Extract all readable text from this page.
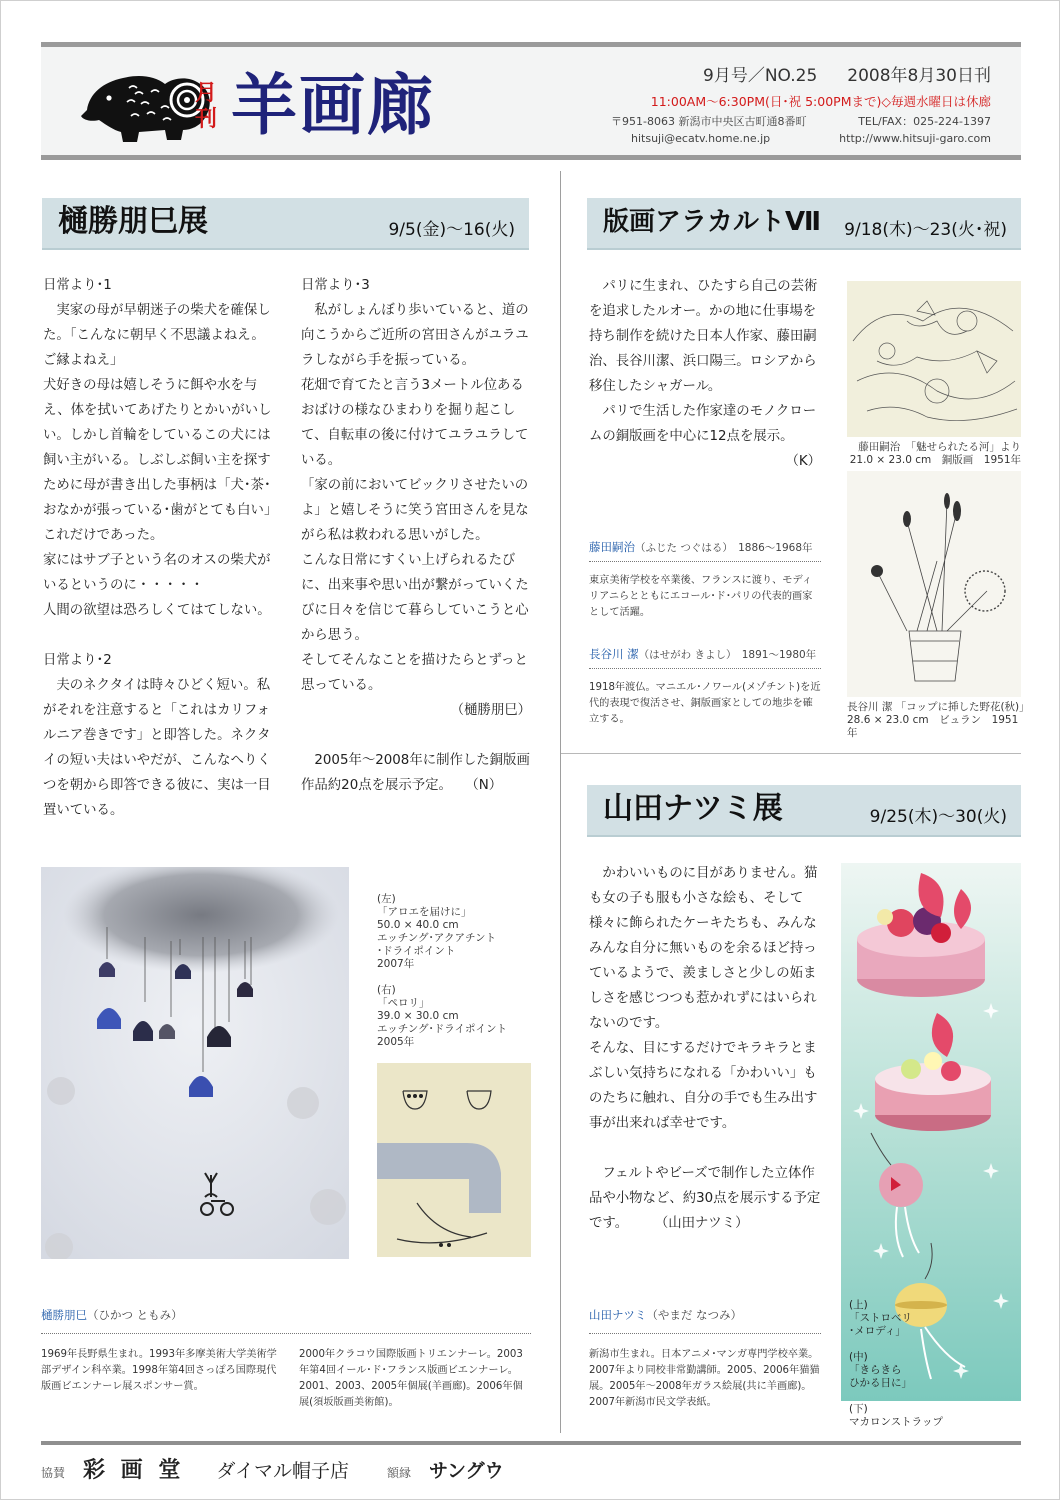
月刊 羊画廊	9月号／NO.25 2008年8月30日刊
11:00AM〜6:30PM(日･祝 5:00PMまで)◇毎週水曜日は休廊
〒951-8063 新潟市中央区古町通8番町	TEL/FAX：025-224-1397
hitsuji@ecatv.home.ne.jp	http://www.hitsuji-garo.com
樋勝朋巳展	9/5(金)〜16(火)
日常より･1
実家の母が早朝迷子の柴犬を確保した。「こんなに朝早く不思議よねえ。ご縁よねえ」
犬好きの母は嬉しそうに餌や水を与え、体を拭いてあげたりとかいがいしい。しかし首輪をしているこの犬には飼い主がいる。しぶしぶ飼い主を探すために母が書き出した事柄は「犬･茶･おなかが張っている･歯がとても白い」これだけであった。
家にはサブ子という名のオスの柴犬がいるというのに・・・・・
人間の欲望は恐ろしくてはてしない。

日常より･2
夫のネクタイは時々ひどく短い。私がそれを注意すると「これはカリフォルニア巻きです」と即答した。ネクタイの短い夫はいやだが、こんなへりくつを朝から即答できる彼に、実は一目置いている。
日常より･3
私がしょんぼり歩いていると、道の向こうからご近所の宮田さんがユラユラしながら手を振っている。
花畑で育てたと言う3メートル位あるおばけの様なひまわりを掘り起こして、自転車の後に付けてユラユラしている。
「家の前においてビックリさせたいのよ」と嬉しそうに笑う宮田さんを見ながら私は救われる思いがした。
こんな日常にすくい上げられるたびに、出来事や思い出が繋がっていくたびに日々を信じて暮らしていこうと心から思う。
そしてそんなことを描けたらとずっと思っている。
（樋勝朋巳）

2005年〜2008年に制作した銅版画作品約20点を展示予定。　　（N）
(左)
「アロエを届けに」
50.0 × 40.0 cm
エッチング･アクアチント
･ドライポイント
2007年

(右)
「ペロリ」
39.0 × 30.0 cm
エッチング･ドライポイント
2005年
樋勝朋巳（ひかつ ともみ）
1969年長野県生まれ。1993年多摩美術大学美術学部デザイン科卒業。1998年第4回さっぽろ国際現代版画ビエンナーレ展スポンサー賞。
2000年クラコウ国際版画トリエンナーレ。2003年第4回イール･ド･フランス版画ビエンナーレ。2001、2003、2005年個展(羊画廊)。2006年個展(須坂版画美術館)。
版画アラカルトⅦ 9/18(木)〜23(火･祝)
パリに生まれ、ひたすら自己の芸術を追求したルオー。かの地に仕事場を持ち制作を続けた日本人作家、藤田嗣治、長谷川潔、浜口陽三。ロシアから移住したシャガール。
パリで生活した作家達のモノクロームの銅版画を中心に12点を展示。
（K）
藤田嗣治　「魅せられたる河」より
21.0 × 23.0 cm　銅版画　1951年
長谷川 潔 「コップに挿した野花(秋)」
28.6 × 23.0 cm　ビュラン　1951年
藤田嗣治（ふじた つぐはる）　1886〜1968年
東京美術学校を卒業後、フランスに渡り、モディリアニらとともにエコール･ド･パリの代表的画家として活躍。
長谷川 潔（はせがわ きよし）　1891〜1980年
1918年渡仏。マニエル･ノワール(メゾチント)を近代的表現で復活させ、銅版画家としての地歩を確立する。
山田ナツミ展	9/25(木)〜30(火)
かわいいものに目がありません。猫も女の子も服も小さな絵も、そして様々に飾られたケーキたちも、みんなみんな自分に無いものを余るほど持っているようで、羨ましさと少しの妬ましさを感じつつも惹かれずにはいられないのです。
そんな、目にするだけでキラキラとまぶしい気持ちになれる「かわいい」ものたちに触れ、自分の手でも生み出す事が出来れば幸せです。

フェルトやビーズで制作した立体作品や小物など、約30点を展示する予定です。　　　（山田ナツミ）
(上)
「ストロベリ
･メロディ」

(中)
「きらきら
ひかる日に」

(下)
マカロンストラップ
山田ナツミ（やまだ なつみ）
新潟市生まれ。日本アニメ･マンガ専門学校卒業。2007年より同校非常勤講師。2005、2006年猫猫展。2005年〜2008年ガラス絵展(共に羊画廊)。2007年新潟市民文学表紙。
協賛 彩 画 堂 ダイマル帽子店	額縁 サングウ
